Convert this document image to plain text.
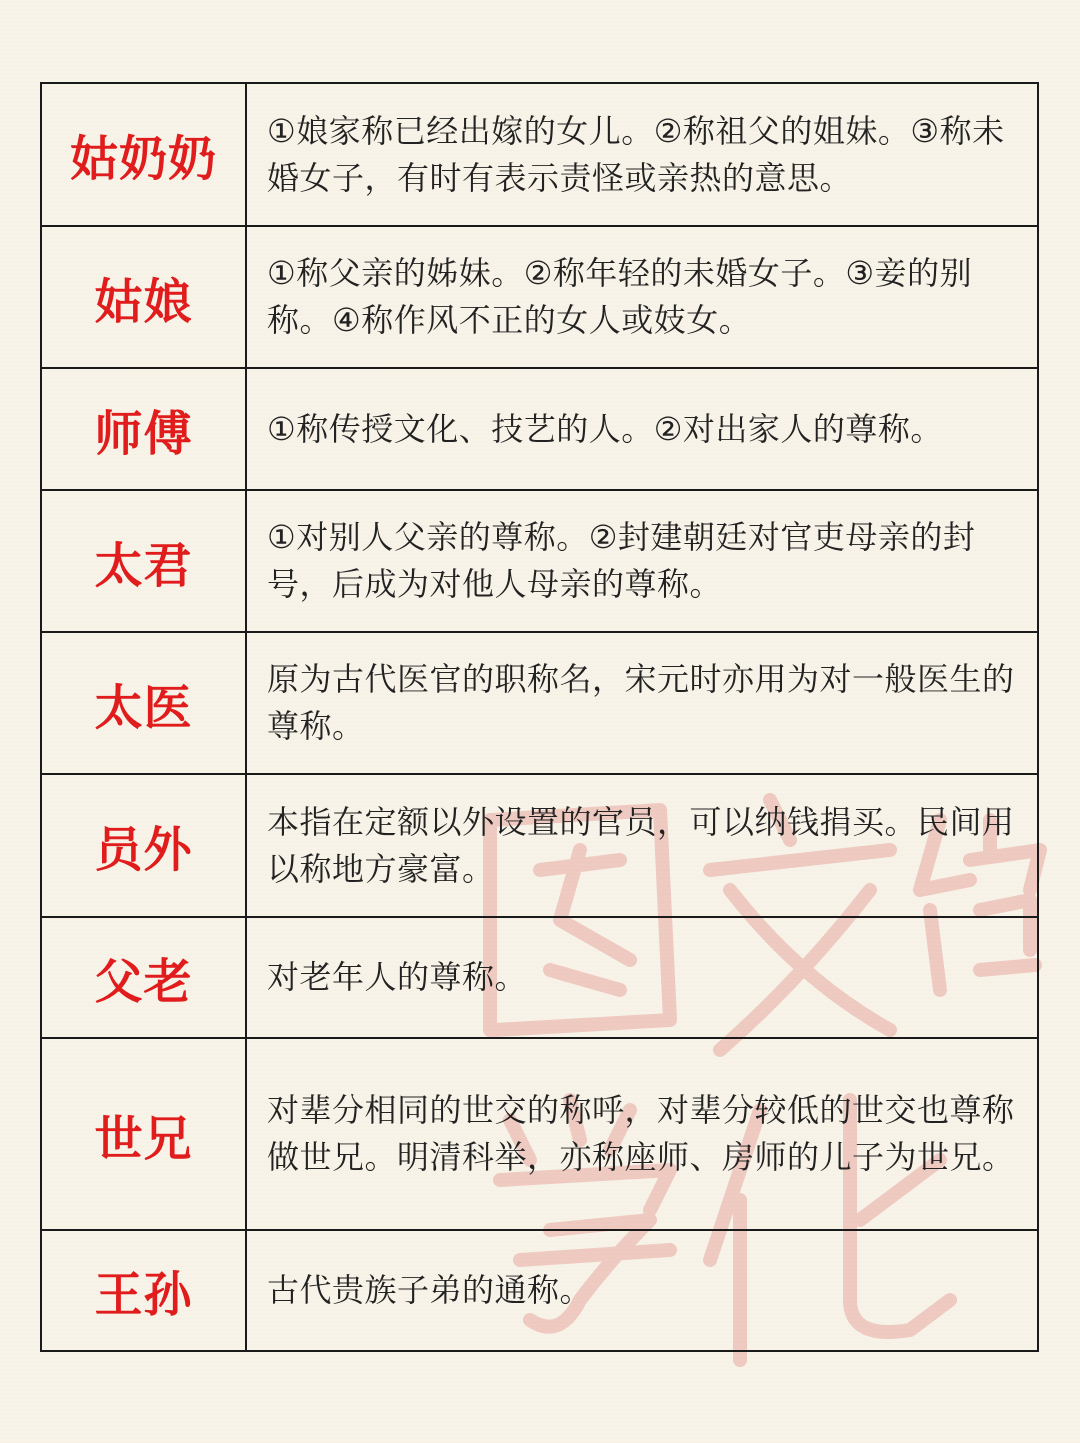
姑奶奶	①娘家称已经出嫁的女儿。②称祖父的姐妹。③称未婚女子，有时有表示责怪或亲热的意思。
姑娘	①称父亲的姊妹。②称年轻的未婚女子。③妾的别称。④称作风不正的女人或妓女。
师傅	①称传授文化、技艺的人。②对出家人的尊称。
太君	①对别人父亲的尊称。②封建朝廷对官吏母亲的封号，后成为对他人母亲的尊称。
太医	原为古代医官的职称名，宋元时亦用为对一般医生的尊称。
员外	本指在定额以外设置的官员，可以纳钱捐买。民间用以称地方豪富。
父老	对老年人的尊称。
世兄	对辈分相同的世交的称呼，对辈分较低的世交也尊称做世兄。明清科举，亦称座师、房师的儿子为世兄。
王孙	古代贵族子弟的通称。
